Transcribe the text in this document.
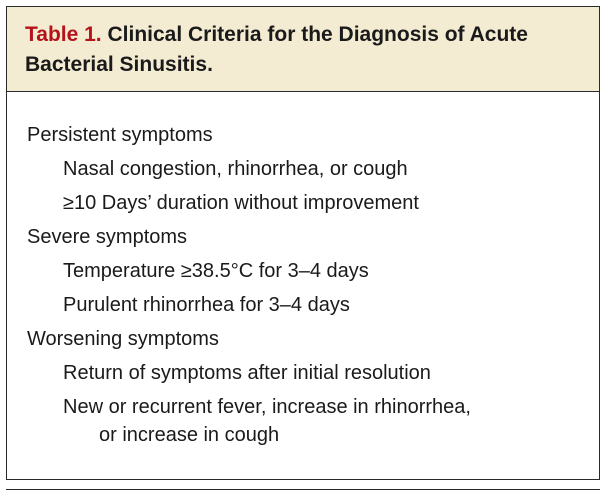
Table 1. Clinical Criteria for the Diagnosis of Acute

Bacterial Sinusitis.

Persistent symptoms

Nasal congestion, rhinorrhea, or cough

≥10 Days’ duration without improvement

Severe symptoms

Temperature ≥38.5°C for 3–4 days

Purulent rhinorrhea for 3–4 days

Worsening symptoms

Return of symptoms after initial resolution

New or recurrent fever, increase in rhinorrhea,
or increase in cough
